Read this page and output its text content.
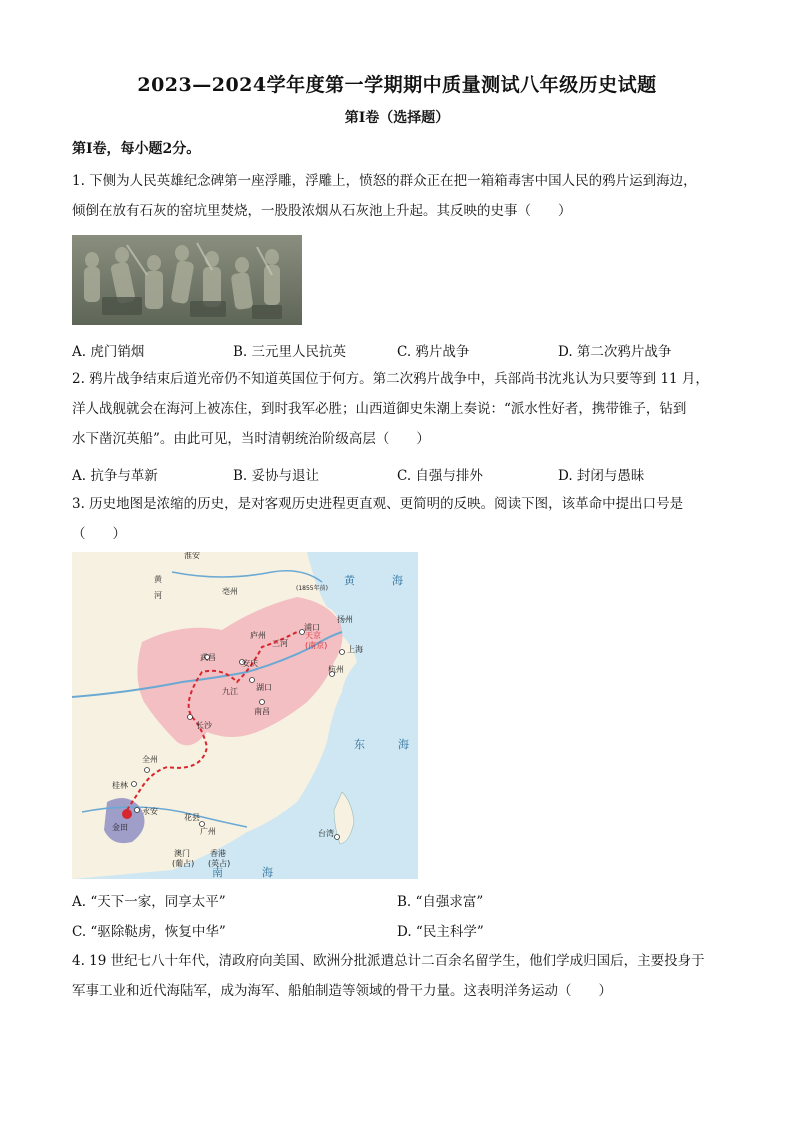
2023—2024学年度第一学期期中质量测试八年级历史试题
第Ⅰ卷（选择题）
第Ⅰ卷，每小题2分。
1. 下侧为人民英雄纪念碑第一座浮雕，浮雕上，愤怒的群众正在把一箱箱毒害中国人民的鸦片运到海边，
倾倒在放有石灰的窑坑里焚烧，一股股浓烟从石灰池上升起。其反映的史事（　　）
A. 虎门销烟	B. 三元里人民抗英	C. 鸦片战争	D. 第二次鸦片战争
2. 鸦片战争结束后道光帝仍不知道英国位于何方。第二次鸦片战争中，兵部尚书沈兆认为只要等到 11 月，
洋人战舰就会在海河上被冻住，到时我军必胜；山西道御史朱潮上奏说：“派水性好者，携带锥子，钻到
水下凿沉英船”。由此可见，当时清朝统治阶级高层（　　）
A. 抗争与革新	B. 妥协与退让	C. 自强与排外	D. 封闭与愚昧
3. 历史地图是浓缩的历史，是对客观历史进程更直观、更简明的反映。阅读下图，该革命中提出口号是
（　　）
淮安
亳州
扬州
浦口
庐州
三河
天京
(南京) 上海
杭州
武昌
安庆
九江 湖口
南昌
长沙
全州
桂林
永安
金田
花县
广州
澳门
(葡占)
香港
(英占)
台湾
黄
河
(1855年前)
黄	海
东	海
南	海
A. “天下一家，同享太平”	B. “自强求富”
C. “驱除鞑虏，恢复中华”	D. “民主科学”
4. 19 世纪七八十年代，清政府向美国、欧洲分批派遣总计二百余名留学生，他们学成归国后，主要投身于
军事工业和近代海陆军，成为海军、船舶制造等领域的骨干力量。这表明洋务运动（　　）
